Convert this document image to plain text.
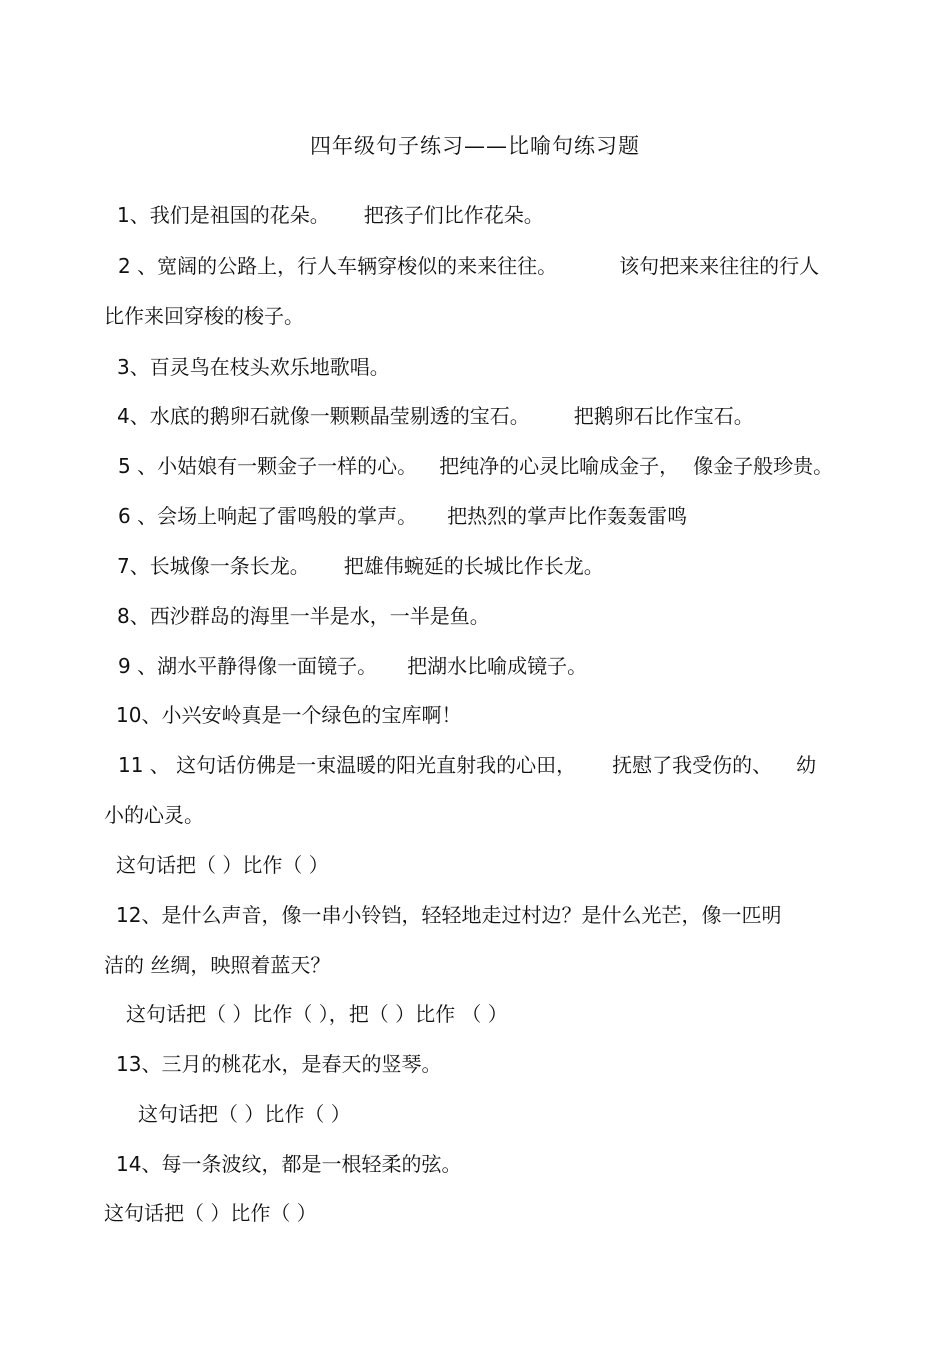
四年级句子练习——比喻句练习题
1、我们是祖国的花朵。 把孩子们比作花朵。
2 、宽阔的公路上，行人车辆穿梭似的来来往往。	该句把来来往往的行人
比作来回穿梭的梭子。
3、百灵鸟在枝头欢乐地歌唱。
4、水底的鹅卵石就像一颗颗晶莹剔透的宝石。 把鹅卵石比作宝石。
5 、小姑娘有一颗金子一样的心。 把纯净的心灵比喻成金子， 像金子般珍贵。
6 、会场上响起了雷鸣般的掌声。 把热烈的掌声比作轰轰雷鸣
7、长城像一条长龙。 把雄伟蜿延的长城比作长龙。
8、西沙群岛的海里一半是水，一半是鱼。
9 、湖水平静得像一面镜子。 把湖水比喻成镜子。
10、小兴安岭真是一个绿色的宝库啊！
11 、 这句话仿佛是一束温暖的阳光直射我的心田， 抚慰了我受伤的、 幼
小的心灵。
这句话把（ ）比作（ ）
12、是什么声音，像一串小铃铛，轻轻地走过村边？是什么光芒，像一匹明
洁的 丝绸，映照着蓝天？
这句话把（ ）比作（ ），把（ ）比作 （ ）
13、三月的桃花水，是春天的竖琴。
这句话把（ ）比作（ ）
14、每一条波纹，都是一根轻柔的弦。
这句话把（ ）比作（ ）
